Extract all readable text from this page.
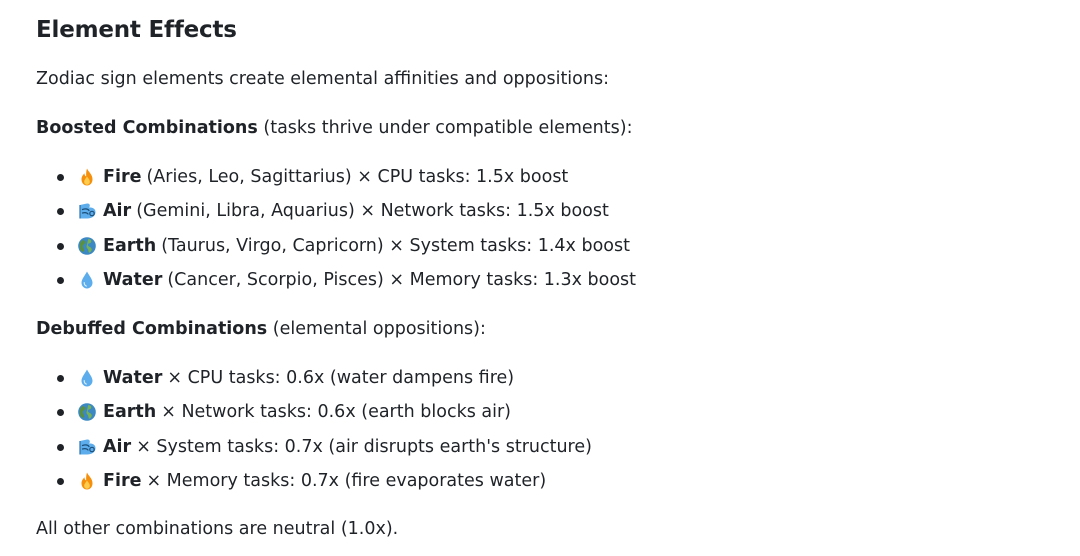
Element Effects

Zodiac sign elements create elemental affinities and oppositions:

Boosted Combinations (tasks thrive under compatible elements):

Fire (Aries, Leo, Sagittarius) × CPU tasks: 1.5x boost
Air (Gemini, Libra, Aquarius) × Network tasks: 1.5x boost
Earth (Taurus, Virgo, Capricorn) × System tasks: 1.4x boost
Water (Cancer, Scorpio, Pisces) × Memory tasks: 1.3x boost

Debuffed Combinations (elemental oppositions):

Water × CPU tasks: 0.6x (water dampens fire)
Earth × Network tasks: 0.6x (earth blocks air)
Air × System tasks: 0.7x (air disrupts earth's structure)
Fire × Memory tasks: 0.7x (fire evaporates water)

All other combinations are neutral (1.0x).
